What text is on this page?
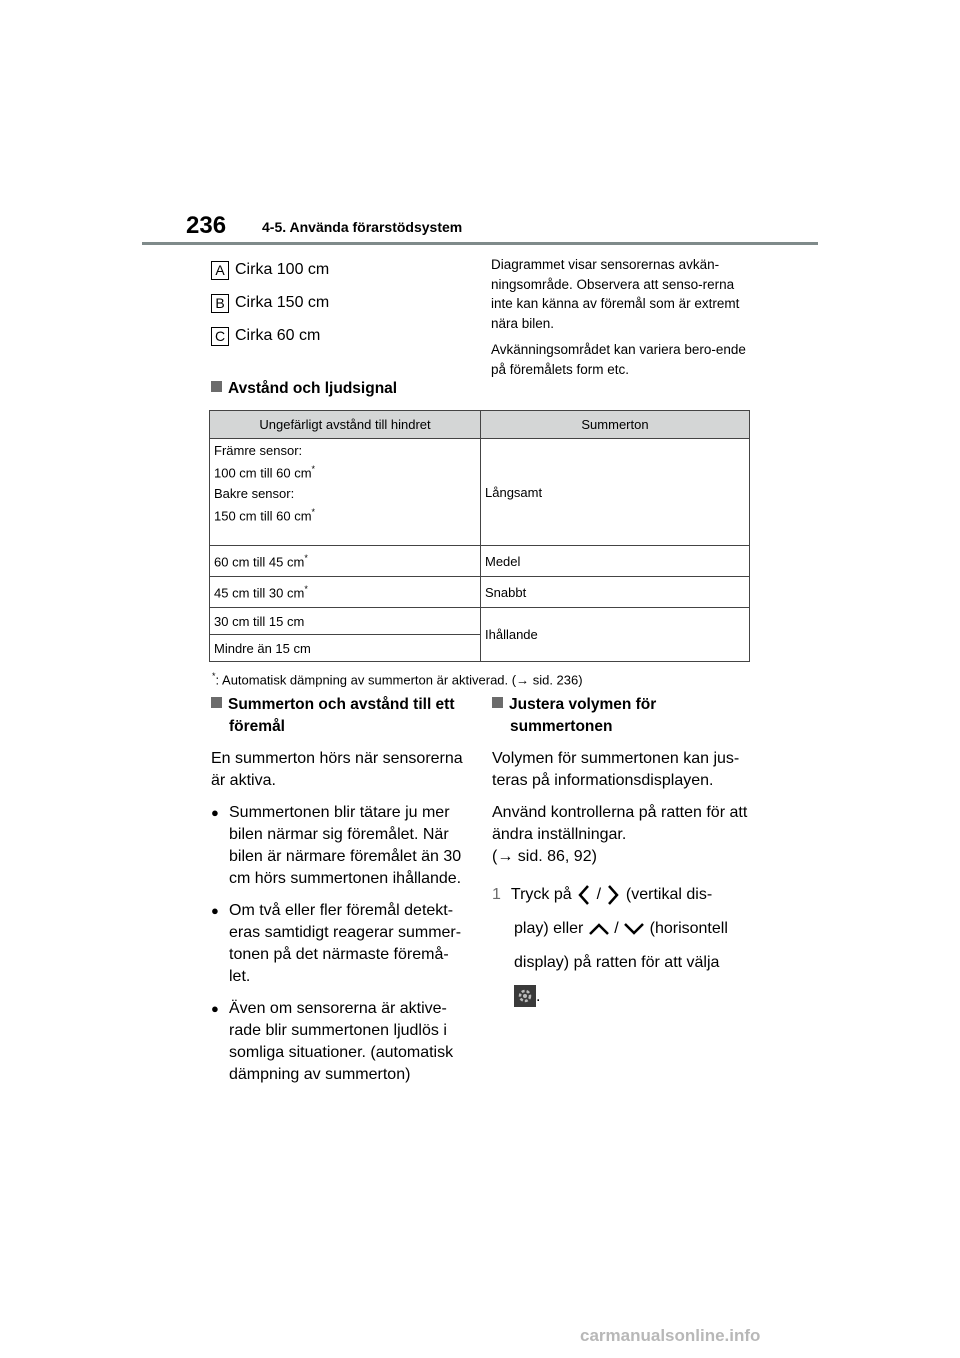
236	4-5. Använda förarstödsystem
A Cirka 100 cm
B Cirka 150 cm
C Cirka 60 cm

Diagrammet visar sensorernas avkän-ningsområde. Observera att senso-rerna inte kan känna av föremål som är extremt nära bilen.

Avkänningsområdet kan variera bero-ende på föremålets form etc.

Avstånd och ljudsignal
Ungefärligt avstånd till hindret	Summerton

Främre sensor:
100 cm till 60 cm*
Bakre sensor:
150 cm till 60 cm*	Långsamt
60 cm till 45 cm*	Medel
45 cm till 30 cm*	Snabbt
30 cm till 15 cm	Ihållande
Mindre än 15 cm	
*: Automatisk dämpning av summerton är aktiverad. (→ sid. 236)
Summerton och avstånd till ett
föremål
En summerton hörs när sensorerna är aktiva.
● Summertonen blir tätare ju mer bilen närmar sig föremålet. När bilen är närmare föremålet än 30 cm hörs summertonen ihållande.
● Om två eller fler föremål detekt-eras samtidigt reagerar summer-tonen på det närmaste föremå-let.
● Även om sensorerna är aktive-rade blir summertonen ljudlös i somliga situationer. (automatisk dämpning av summerton)
Justera volymen för
summertonen
Volymen för summertonen kan jus-teras på informationsdisplayen.
Använd kontrollerna på ratten för att ändra inställningar.
(→ sid. 86, 92)
1 Tryck på / (vertikal dis-
play) eller / (horisontell
display) på ratten för att välja
.
carmanualsonline.info
